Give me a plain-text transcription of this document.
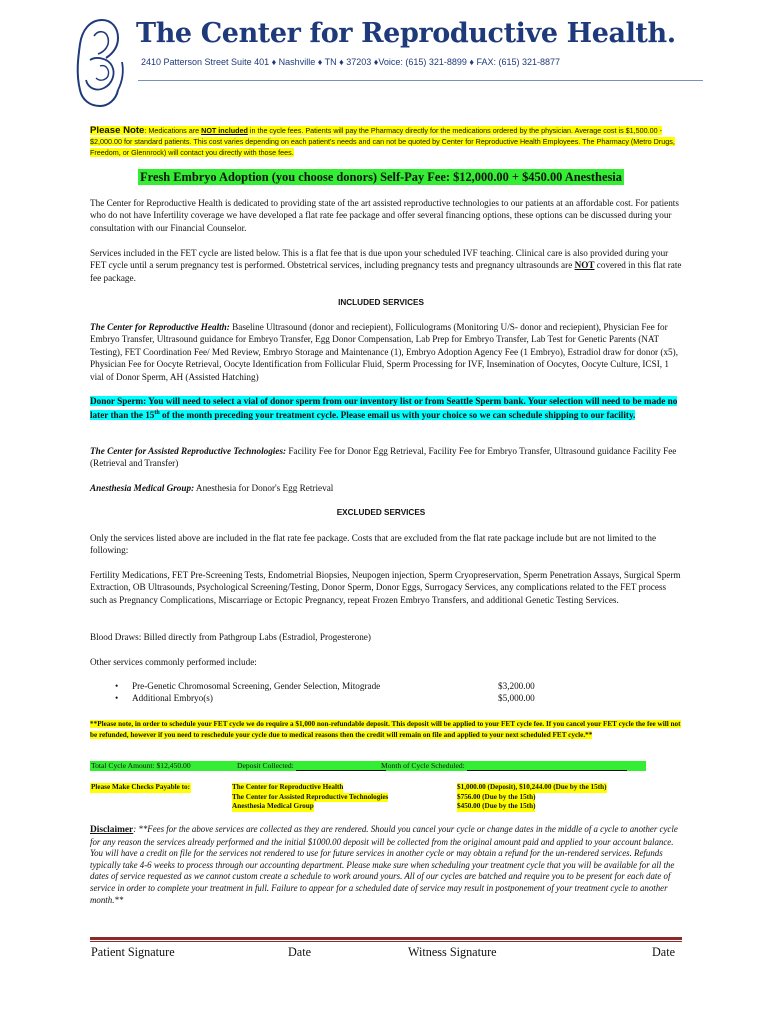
The Center for Reproductive Health.
2410 Patterson Street Suite 401 ♦ Nashville ♦ TN ♦ 37203 ♦Voice: (615) 321-8899 ♦ FAX: (615) 321-8877
Please Note: Medications are NOT included in the cycle fees. Patients will pay the Pharmacy directly for the medications ordered by the physician. Average cost is $1,500.00 - $2,000.00 for standard patients. This cost varies depending on each patient's needs and can not be quoted by Center for Reproductive Health Employees. The Pharmacy (Metro Drugs, Freedom, or Glennrock) will contact you directly with those fees.
Fresh Embryo Adoption (you choose donors) Self-Pay Fee: $12,000.00 + $450.00 Anesthesia
The Center for Reproductive Health is dedicated to providing state of the art assisted reproductive technologies to our patients at an affordable cost. For patients who do not have Infertility coverage we have developed a flat rate fee package and offer several financing options, these options can be discussed during your consultation with our Financial Counselor.
Services included in the FET cycle are listed below. This is a flat fee that is due upon your scheduled IVF teaching. Clinical care is also provided during your FET cycle until a serum pregnancy test is performed. Obstetrical services, including pregnancy tests and pregnancy ultrasounds are NOT covered in this flat rate fee package.
INCLUDED SERVICES
The Center for Reproductive Health: Baseline Ultrasound (donor and reciepient), Folliculograms (Monitoring U/S- donor and reciepient), Physician Fee for Embryo Transfer, Ultrasound guidance for Embryo Transfer, Egg Donor Compensation, Lab Prep for Embryo Transfer, Lab Test for Genetic Parents (NAT Testing), FET Coordination Fee/ Med Review, Embryo Storage and Maintenance (1), Embryo Adoption Agency Fee (1 Embryo), Estradiol draw for donor (x5), Physician Fee for Oocyte Retrieval, Oocyte Identification from Follicular Fluid, Sperm Processing for IVF, Insemination of Oocytes, Oocyte Culture, ICSI, 1 vial of Donor Sperm, AH (Assisted Hatching)
Donor Sperm: You will need to select a vial of donor sperm from our inventory list or from Seattle Sperm bank. Your selection will need to be made no later than the 15th of the month preceding your treatment cycle. Please email us with your choice so we can schedule shipping to our facility.
The Center for Assisted Reproductive Technologies: Facility Fee for Donor Egg Retrieval, Facility Fee for Embryo Transfer, Ultrasound guidance Facility Fee (Retrieval and Transfer)
Anesthesia Medical Group: Anesthesia for Donor's Egg Retrieval
EXCLUDED SERVICES
Only the services listed above are included in the flat rate fee package. Costs that are excluded from the flat rate package include but are not limited to the following:
Fertility Medications, FET Pre-Screening Tests, Endometrial Biopsies, Neupogen injection, Sperm Cryopreservation, Sperm Penetration Assays, Surgical Sperm Extraction, OB Ultrasounds, Psychological Screening/Testing, Donor Sperm, Donor Eggs, Surrogacy Services, any complications related to the FET process such as Pregnancy Complications, Miscarriage or Ectopic Pregnancy, repeat Frozen Embryo Transfers, and additional Genetic Testing Services.
Blood Draws: Billed directly from Pathgroup Labs (Estradiol, Progesterone)
Other services commonly performed include:
• Pre-Genetic Chromosomal Screening, Gender Selection, Mitograde	$3,200.00
• Additional Embryo(s)	$5,000.00
**Please note, in order to schedule your FET cycle we do require a $1,000 non-refundable deposit. This deposit will be applied to your FET cycle fee. If you cancel your FET cycle the fee will not be refunded, however if you need to reschedule your cycle due to medical reasons then the credit will remain on file and applied to your next scheduled FET cycle.**
Total Cycle Amount: $12,450.00	Deposit Collected:	Month of Cycle Scheduled:
Please Make Checks Payable to:	The Center for Reproductive Health	$1,000.00 (Deposit), $10,244.00 (Due by the 15th)
The Center for Assisted Reproductive Technologies	$756.00 (Due by the 15th)
Anesthesia Medical Group	$450.00 (Due by the 15th)
Disclaimer: **Fees for the above services are collected as they are rendered. Should you cancel your cycle or change dates in the middle of a cycle to another cycle for any reason the services already performed and the initial $1000.00 deposit will be collected from the original amount paid and applied to your account balance. You will have a credit on file for the services not rendered to use for future services in another cycle or may obtain a refund for the un-rendered services. Refunds typically take 4-6 weeks to process through our accounting department. Please make sure when scheduling your treatment cycle that you will be available for all the dates of service requested as we cannot custom create a schedule to work around yours. All of our cycles are batched and require you to be present for each date of service in order to complete your treatment in full. Failure to appear for a scheduled date of service may result in postponement of your treatment cycle to another month.**
Patient Signature	Date	Witness Signature	Date
